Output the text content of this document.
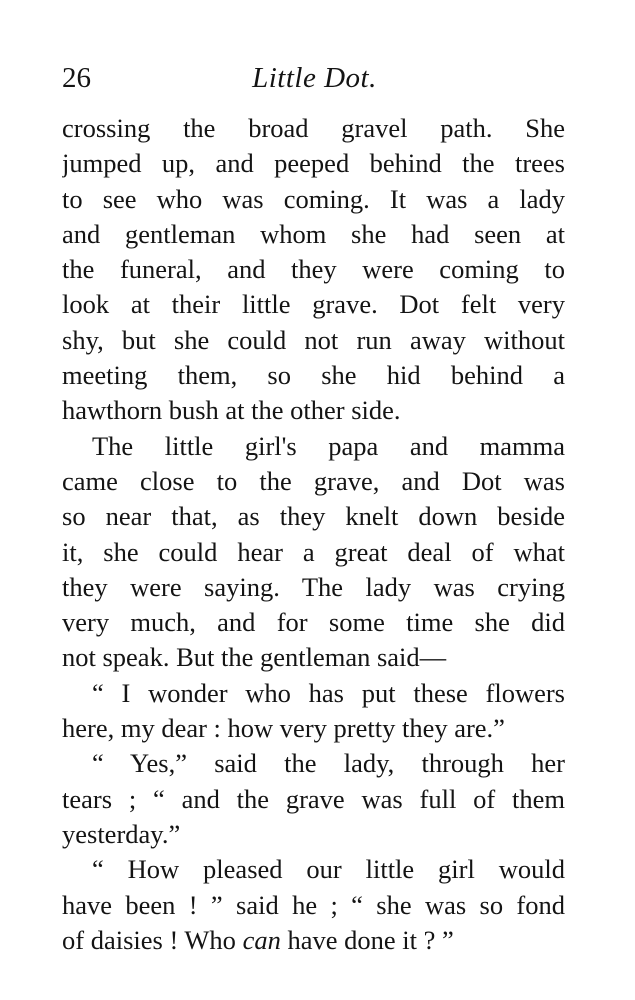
26	Little Dot.
crossing the broad gravel path. She
jumped up, and peeped behind the trees
to see who was coming. It was a lady
and gentleman whom she had seen at
the funeral, and they were coming to
look at their little grave. Dot felt very
shy, but she could not run away without
meeting them, so she hid behind a
hawthorn bush at the other side.
The little girl's papa and mamma
came close to the grave, and Dot was
so near that, as they knelt down beside
it, she could hear a great deal of what
they were saying. The lady was crying
very much, and for some time she did
not speak. But the gentleman said—
“ I wonder who has put these flowers
here, my dear : how very pretty they are.”
“ Yes,” said the lady, through her
tears ; “ and the grave was full of them
yesterday.”
“ How pleased our little girl would
have been ! ” said he ; “ she was so fond
of daisies ! Who can have done it ? ”
